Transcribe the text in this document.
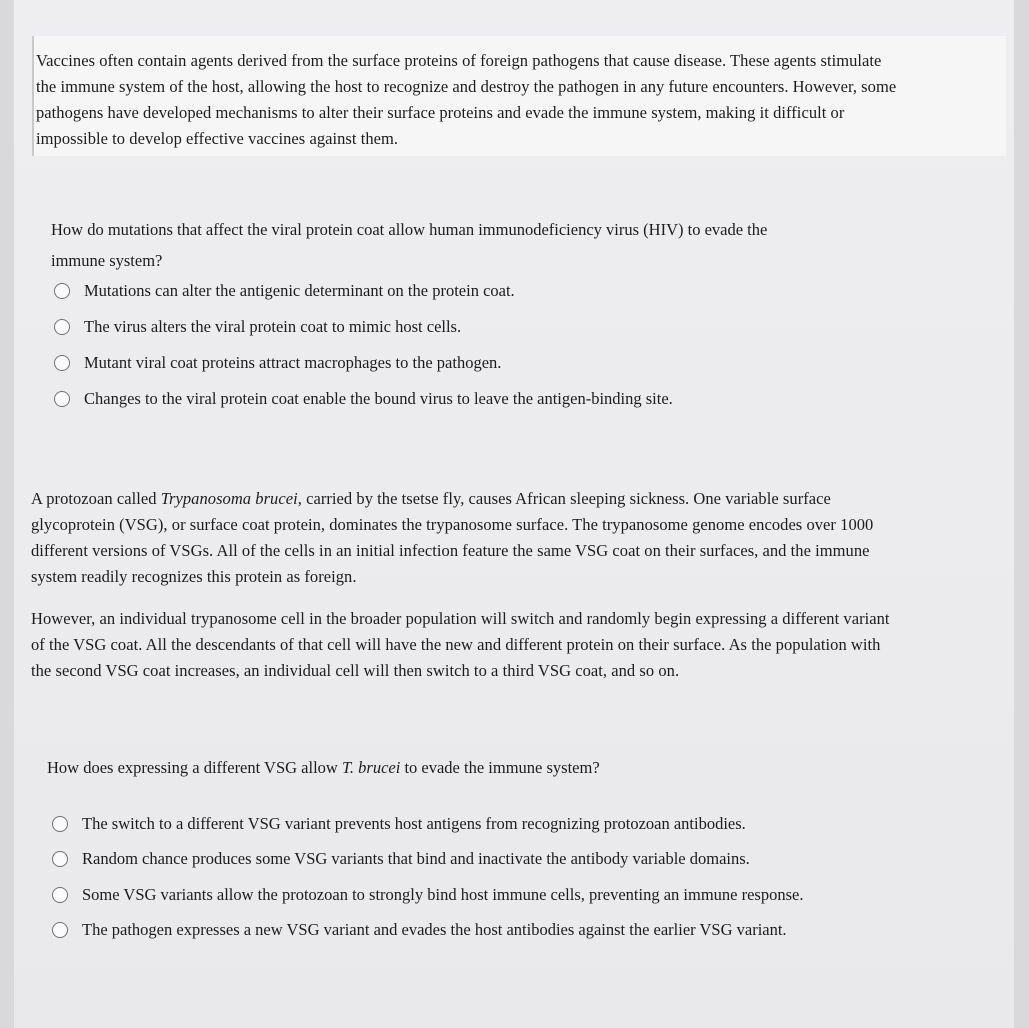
Vaccines often contain agents derived from the surface proteins of foreign pathogens that cause disease. These agents stimulate
the immune system of the host, allowing the host to recognize and destroy the pathogen in any future encounters. However, some
pathogens have developed mechanisms to alter their surface proteins and evade the immune system, making it difficult or
impossible to develop effective vaccines against them.

How do mutations that affect the viral protein coat allow human immunodeficiency virus (HIV) to evade the
immune system?

Mutations can alter the antigenic determinant on the protein coat.
The virus alters the viral protein coat to mimic host cells.
Mutant viral coat proteins attract macrophages to the pathogen.
Changes to the viral protein coat enable the bound virus to leave the antigen-binding site.

A protozoan called Trypanosoma brucei, carried by the tsetse fly, causes African sleeping sickness. One variable surface
glycoprotein (VSG), or surface coat protein, dominates the trypanosome surface. The trypanosome genome encodes over 1000
different versions of VSGs. All of the cells in an initial infection feature the same VSG coat on their surfaces, and the immune
system readily recognizes this protein as foreign.

However, an individual trypanosome cell in the broader population will switch and randomly begin expressing a different variant
of the VSG coat. All the descendants of that cell will have the new and different protein on their surface. As the population with
the second VSG coat increases, an individual cell will then switch to a third VSG coat, and so on.

How does expressing a different VSG allow T. brucei to evade the immune system?

The switch to a different VSG variant prevents host antigens from recognizing protozoan antibodies.
Random chance produces some VSG variants that bind and inactivate the antibody variable domains.
Some VSG variants allow the protozoan to strongly bind host immune cells, preventing an immune response.
The pathogen expresses a new VSG variant and evades the host antibodies against the earlier VSG variant.
